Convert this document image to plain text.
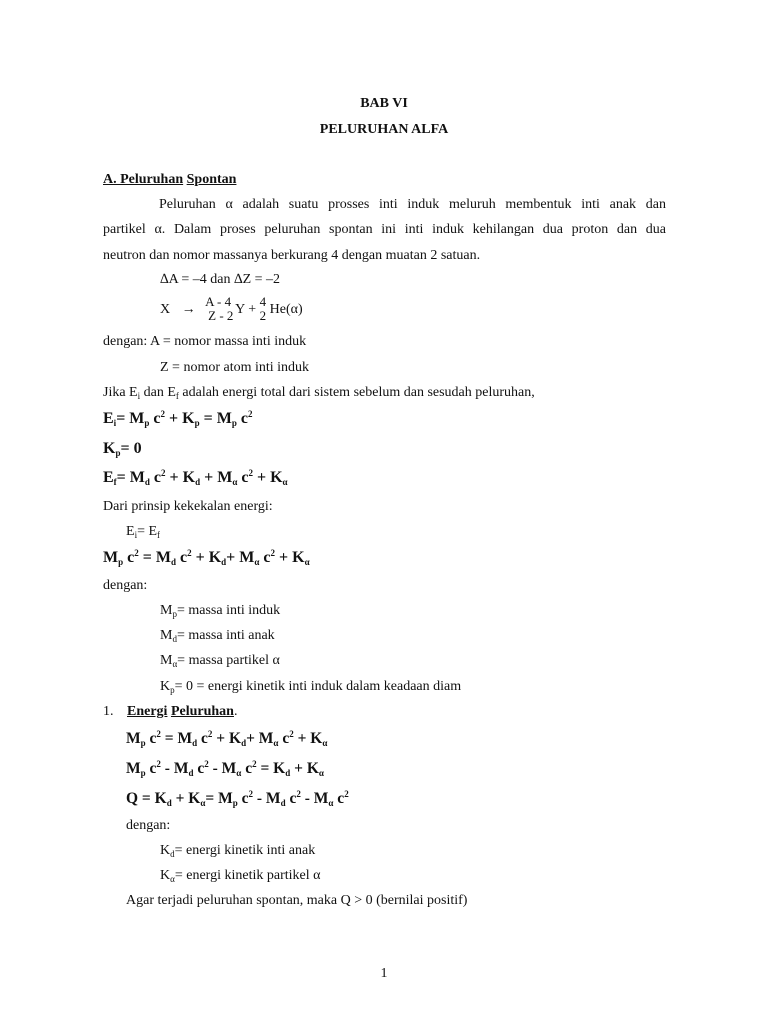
BAB VI
PELURUHAN ALFA
A. Peluruhan Spontan
Peluruhan α adalah suatu prosses inti induk meluruh membentuk inti anak dan
partikel α. Dalam proses peluruhan spontan ini inti induk kehilangan dua proton dan dua
neutron dan nomor massanya berkurang 4 dengan muatan 2 satuan.
∆A = –4 dan ∆Z = –2
X →
A - 4
Z - 2 Y +
4
2 He(α)
dengan: A = nomor massa inti induk
Z = nomor atom inti induk
Jika $E_i$ dan $E_f$ adalah energi total dari sistem sebelum dan sesudah peluruhan,
$E_i= M_p$ $c^2 + K_p = M_p$ $c^2$
$K_p= 0$
$E_f= M_d$ $c^2 + K_d + M_\alpha$ $c^2 + K_\alpha$
Dari prinsip kekekalan energi:
$E_i= E_f$
$M_p$ $c^2 = M_d$ $c^2 + K_d+ M_\alpha$ $c^2 + K_\alpha$
dengan:
$M_p=$ massa inti induk
$M_d=$ massa inti anak
$M_\alpha=$ massa partikel α
$K_p= 0$ = energi kinetik inti induk dalam keadaan diam
1. Energi Peluruhan.
$M_p$ $c^2 = M_d$ $c^2 + K_d+ M_\alpha$ $c^2 + K_\alpha$
$M_p$ $c^2 - M_d$ $c^2 - M_\alpha$ $c^2 = K_d + K_\alpha$
$Q = K_d + K_\alpha= M_p$ $c^2 - M_d$ $c^2 - M_\alpha$ $c^2$
dengan:
$K_d=$ energi kinetik inti anak
$K_\alpha=$ energi kinetik partikel α
Agar terjadi peluruhan spontan, maka Q > 0 (bernilai positif)
1
